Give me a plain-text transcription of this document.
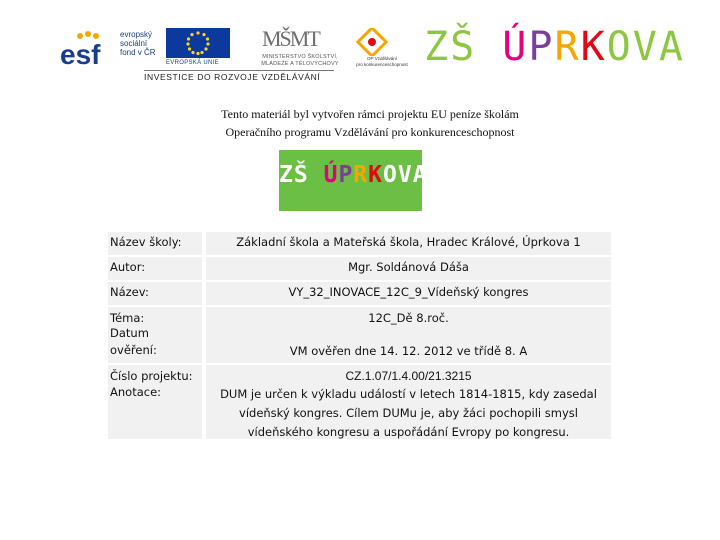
esf
evropský
sociální
fond v ČR
EVROPSKÁ UNIE
MŠMT
MINISTERSTVO ŠKOLSTVÍ,
MLÁDEŽE A TĚLOVÝCHOVY
OP Vzdělávání
pro konkurenceschopnost
INVESTICE DO ROZVOJE VZDĚLÁVÁNÍ
ZŠ ÚPRKOVA
Tento materiál byl vytvořen rámci projektu EU peníze školám
Operačního programu Vzdělávání pro konkurenceschopnost
ZŠ ÚPRKOVA
Název školy:	Základní škola a Mateřská škola, Hradec Králové, Úprkova 1
Autor:	Mgr. Soldánová Dáša
Název:	VY_32_INOVACE_12C_9_Vídeňský kongres
Téma:	12C_Dě 8.roč.
Datum
ověření:	VM ověřen dne 14. 12. 2012 ve třídě 8. A
Číslo projektu:	CZ.1.07/1.4.00/21.3215
Anotace:	DUM je určen k výkladu událostí v letech 1814-1815, kdy zasedal
vídeňský kongres. Cílem DUMu je, aby žáci pochopili smysl
vídeňského kongresu a uspořádání Evropy po kongresu.
